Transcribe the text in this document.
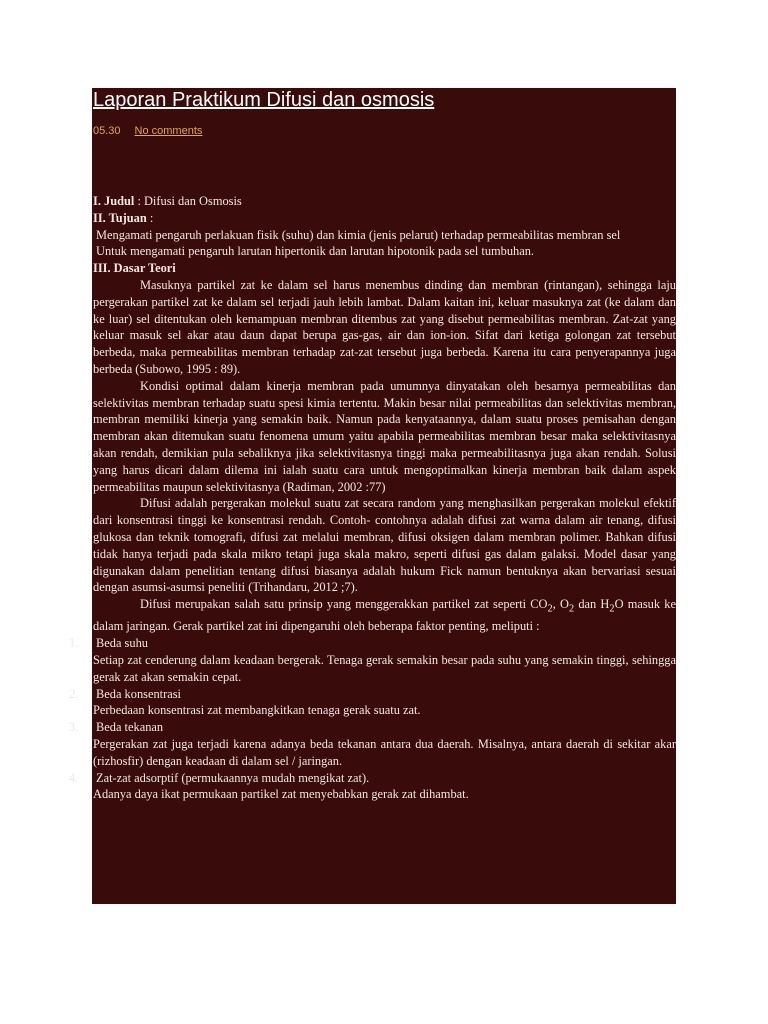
Laporan Praktikum Difusi dan osmosis
05.30 No comments

I. Judul : Difusi dan Osmosis

II. Tujuan :

Mengamati pengaruh perlakuan fisik (suhu) dan kimia (jenis pelarut) terhadap permeabilitas membran sel

Untuk mengamati pengaruh larutan hipertonik dan larutan hipotonik pada sel tumbuhan.

III. Dasar Teori

Masuknya partikel zat ke dalam sel harus menembus dinding dan membran (rintangan), sehingga laju pergerakan partikel zat ke dalam sel terjadi jauh lebih lambat. Dalam kaitan ini, keluar masuknya zat (ke dalam dan ke luar) sel ditentukan oleh kemampuan membran ditembus zat yang disebut permeabilitas membran. Zat-zat yang keluar masuk sel akar atau daun dapat berupa gas-gas, air dan ion-ion. Sifat dari ketiga golongan zat tersebut berbeda, maka permeabilitas membran terhadap zat-zat tersebut juga berbeda. Karena itu cara penyerapannya juga berbeda (Subowo, 1995 : 89).

Kondisi optimal dalam kinerja membran pada umumnya dinyatakan oleh besarnya permeabilitas dan selektivitas membran terhadap suatu spesi kimia tertentu. Makin besar nilai permeabilitas dan selektivitas membran, membran memiliki kinerja yang semakin baik. Namun pada kenyataannya, dalam suatu proses pemisahan dengan membran akan ditemukan suatu fenomena umum yaitu apabila permeabilitas membran besar maka selektivitasnya akan rendah, demikian pula sebaliknya jika selektivitasnya tinggi maka permeabilitasnya juga akan rendah. Solusi yang harus dicari dalam dilema ini ialah suatu cara untuk mengoptimalkan kinerja membran baik dalam aspek permeabilitas maupun selektivitasnya (Radiman, 2002 :77)

Difusi adalah pergerakan molekul suatu zat secara random yang menghasilkan pergerakan molekul efektif dari konsentrasi tinggi ke konsentrasi rendah. Contoh- contohnya adalah difusi zat warna dalam air tenang, difusi glukosa dan teknik tomografi, difusi zat melalui membran, difusi oksigen dalam membran polimer. Bahkan difusi tidak hanya terjadi pada skala mikro tetapi juga skala makro, seperti difusi gas dalam galaksi. Model dasar yang digunakan dalam penelitian tentang difusi biasanya adalah hukum Fick namun bentuknya akan bervariasi sesuai dengan asumsi-asumsi peneliti (Trihandaru, 2012 ;7).

Difusi merupakan salah satu prinsip yang menggerakkan partikel zat seperti $CO_2$, $O_2$ dan $H_2O$ masuk ke dalam jaringan. Gerak partikel zat ini dipengaruhi oleh beberapa faktor penting, meliputi :

1.	Beda suhu

Setiap zat cenderung dalam keadaan bergerak. Tenaga gerak semakin besar pada suhu yang semakin tinggi, sehingga gerak zat akan semakin cepat.

2.	Beda konsentrasi

Perbedaan konsentrasi zat membangkitkan tenaga gerak suatu zat.

3.	Beda tekanan

Pergerakan zat juga terjadi karena adanya beda tekanan antara dua daerah. Misalnya, antara daerah di sekitar akar (rizhosfir) dengan keadaan di dalam sel / jaringan.

4.	Zat-zat adsorptif (permukaannya mudah mengikat zat).

Adanya daya ikat permukaan partikel zat menyebabkan gerak zat dihambat.
